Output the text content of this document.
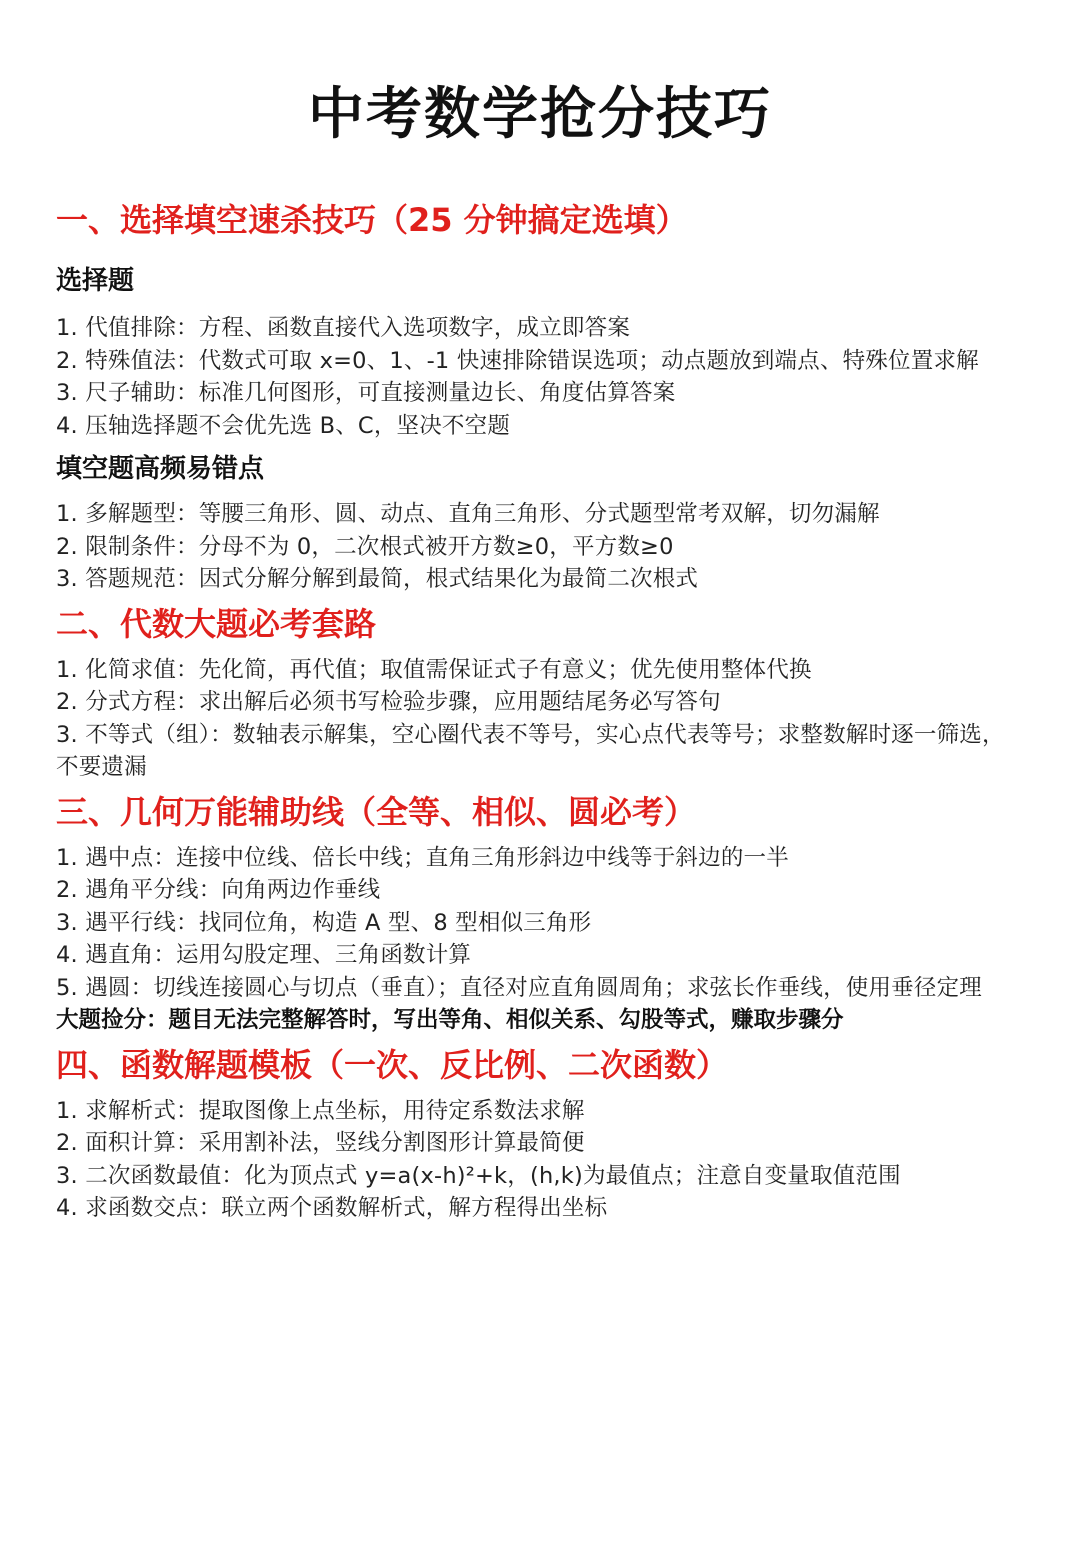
中考数学抢分技巧
一、选择填空速杀技巧（25 分钟搞定选填）
选择题
1. 代值排除：方程、函数直接代入选项数字，成立即答案
2. 特殊值法：代数式可取 x=0、1、-1 快速排除错误选项；动点题放到端点、特殊位置求解
3. 尺子辅助：标准几何图形，可直接测量边长、角度估算答案
4. 压轴选择题不会优先选 B、C，坚决不空题
填空题高频易错点
1. 多解题型：等腰三角形、圆、动点、直角三角形、分式题型常考双解，切勿漏解
2. 限制条件：分母不为 0，二次根式被开方数≥0，平方数≥0
3. 答题规范：因式分解分解到最简，根式结果化为最简二次根式
二、代数大题必考套路
1. 化简求值：先化简，再代值；取值需保证式子有意义；优先使用整体代换
2. 分式方程：求出解后必须书写检验步骤，应用题结尾务必写答句
3. 不等式（组）：数轴表示解集，空心圈代表不等号，实心点代表等号；求整数解时逐一筛选，不要遗漏
三、几何万能辅助线（全等、相似、圆必考）
1. 遇中点：连接中位线、倍长中线；直角三角形斜边中线等于斜边的一半
2. 遇角平分线：向角两边作垂线
3. 遇平行线：找同位角，构造 A 型、8 型相似三角形
4. 遇直角：运用勾股定理、三角函数计算
5. 遇圆：切线连接圆心与切点（垂直）；直径对应直角圆周角；求弦长作垂线，使用垂径定理

大题捡分：题目无法完整解答时，写出等角、相似关系、勾股等式，赚取步骤分

四、函数解题模板（一次、反比例、二次函数）
1. 求解析式：提取图像上点坐标，用待定系数法求解
2. 面积计算：采用割补法，竖线分割图形计算最简便
3. 二次函数最值：化为顶点式 y=a(x-h)²+k，(h,k)为最值点；注意自变量取值范围
4. 求函数交点：联立两个函数解析式，解方程得出坐标
